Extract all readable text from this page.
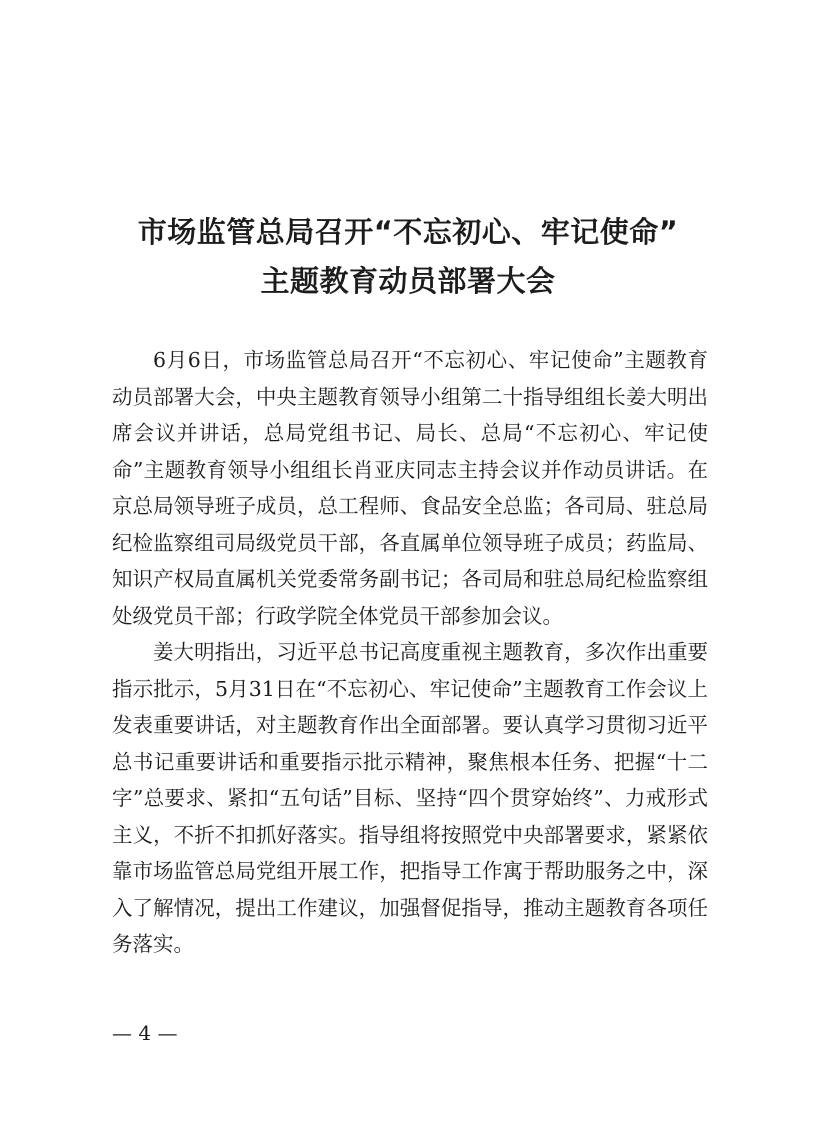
市场监管总局召开“不忘初心、牢记使命”
主题教育动员部署大会

6月6日，市场监管总局召开“不忘初心、牢记使命”主题教育动员部署大会，中央主题教育领导小组第二十指导组组长姜大明出席会议并讲话，总局党组书记、局长、总局“不忘初心、牢记使命”主题教育领导小组组长肖亚庆同志主持会议并作动员讲话。在京总局领导班子成员，总工程师、食品安全总监；各司局、驻总局纪检监察组司局级党员干部，各直属单位领导班子成员；药监局、知识产权局直属机关党委常务副书记；各司局和驻总局纪检监察组处级党员干部；行政学院全体党员干部参加会议。

姜大明指出，习近平总书记高度重视主题教育，多次作出重要指示批示，5月31日在“不忘初心、牢记使命”主题教育工作会议上发表重要讲话，对主题教育作出全面部署。要认真学习贯彻习近平总书记重要讲话和重要指示批示精神，聚焦根本任务、把握“十二字”总要求、紧扣“五句话”目标、坚持“四个贯穿始终”、力戒形式主义，不折不扣抓好落实。指导组将按照党中央部署要求，紧紧依靠市场监管总局党组开展工作，把指导工作寓于帮助服务之中，深入了解情况，提出工作建议，加强督促指导，推动主题教育各项任务落实。

— 4 —
